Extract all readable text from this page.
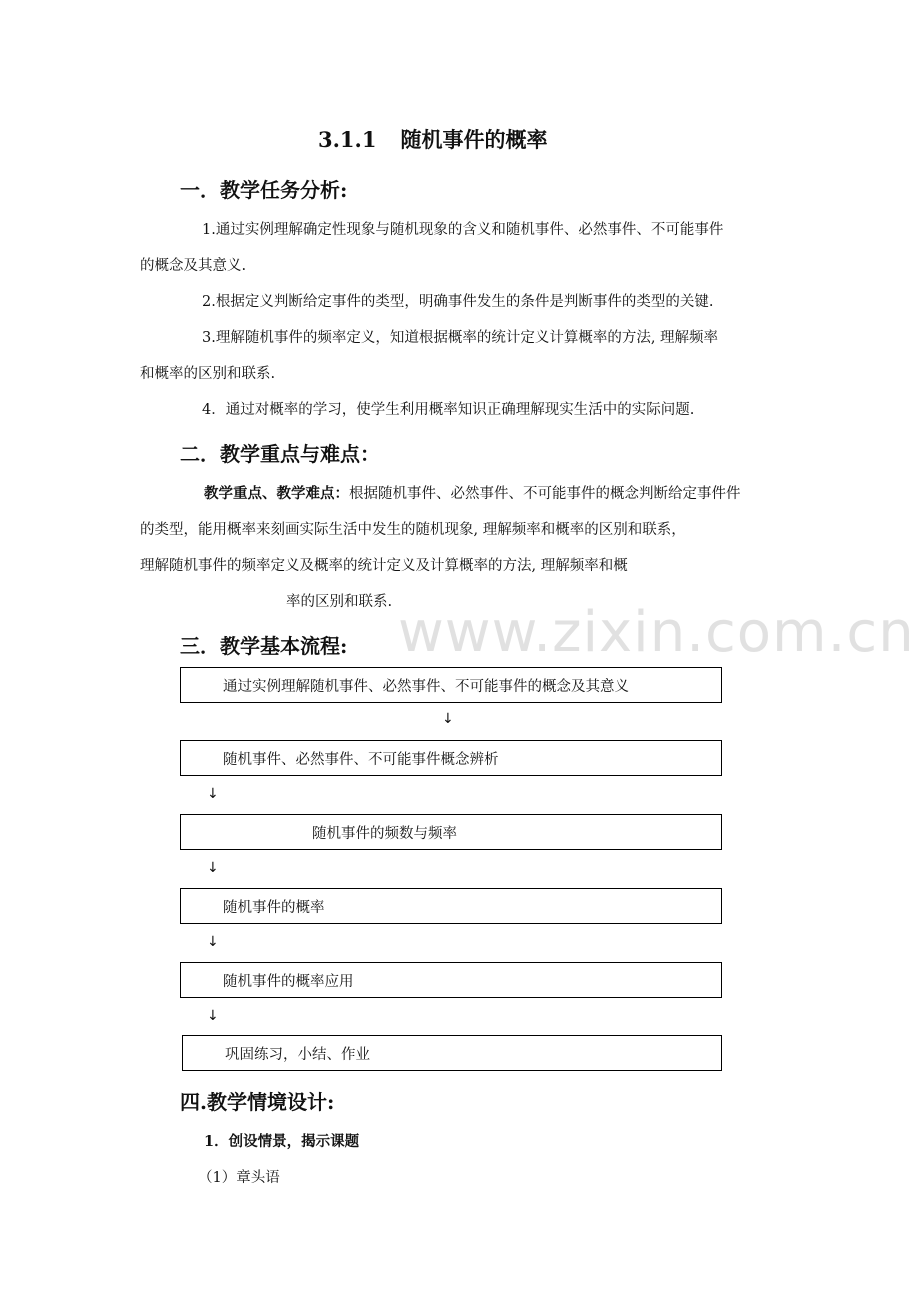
3.1.1 随机事件的概率
一．教学任务分析:
1.通过实例理解确定性现象与随机现象的含义和随机事件、必然事件、不可能事件
的概念及其意义.
2.根据定义判断给定事件的类型，明确事件发生的条件是判断事件的类型的关键.
3.理解随机事件的频率定义，知道根据概率的统计定义计算概率的方法, 理解频率
和概率的区别和联系.
4．通过对概率的学习，使学生利用概率知识正确理解现实生活中的实际问题.
二．教学重点与难点：
教学重点、教学难点：根据随机事件、必然事件、不可能事件的概念判断给定事件件
的类型，能用概率来刻画实际生活中发生的随机现象, 理解频率和概率的区别和联系，
理解随机事件的频率定义及概率的统计定义及计算概率的方法, 理解频率和概
率的区别和联系. www.zixin.com.cn
三．教学基本流程:
通过实例理解随机事件、必然事件、不可能事件的概念及其意义
↓
随机事件、必然事件、不可能事件概念辨析
↓
随机事件的频数与频率
↓
随机事件的概率
↓
随机事件的概率应用
↓
巩固练习，小结、作业
四.教学情境设计:
1．创设情景，揭示课题
（1）章头语
